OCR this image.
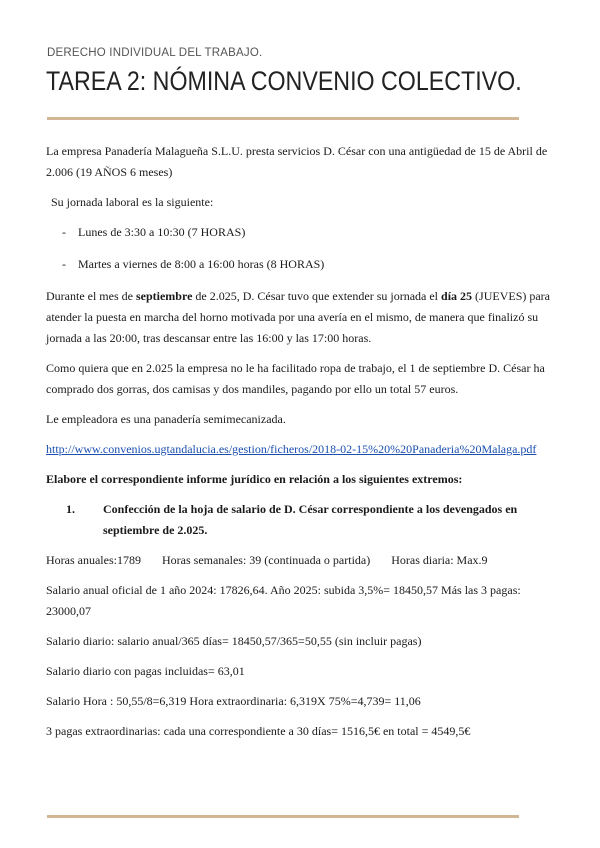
DERECHO INDIVIDUAL DEL TRABAJO.
TAREA 2: NÓMINA CONVENIO COLECTIVO.

La empresa Panadería Malagueña S.L.U. presta servicios D. César con una antigüedad de 15 de Abril de 2.006 (19 AÑOS 6 meses)

Su jornada laboral es la siguiente:

-	Lunes de 3:30 a 10:30 (7 HORAS)
-	Martes a viernes de 8:00 a 16:00 horas (8 HORAS)

Durante el mes de septiembre de 2.025, D. César tuvo que extender su jornada el día 25 (JUEVES) para atender la puesta en marcha del horno motivada por una avería en el mismo, de manera que finalizó su jornada a las 20:00, tras descansar entre las 16:00 y las 17:00 horas.

Como quiera que en 2.025 la empresa no le ha facilitado ropa de trabajo, el 1 de septiembre D. César ha comprado dos gorras, dos camisas y dos mandiles, pagando por ello un total 57 euros.

Le empleadora es una panadería semimecanizada.

http://www.convenios.ugtandalucia.es/gestion/ficheros/2018-02-15%20%20Panaderia%20Malaga.pdf

Elabore el correspondiente informe jurídico en relación a los siguientes extremos:

1.	Confección de la hoja de salario de D. César correspondiente a los devengados en septiembre de 2.025.

Horas anuales:1789 Horas semanales: 39 (continuada o partida) Horas diaria: Max.9

Salario anual oficial de 1 año 2024: 17826,64. Año 2025: subida 3,5%= 18450,57 Más las 3 pagas: 23000,07

Salario diario: salario anual/365 días= 18450,57/365=50,55 (sin incluir pagas)

Salario diario con pagas incluidas= 63,01

Salario Hora : 50,55/8=6,319 Hora extraordinaria: 6,319X 75%=4,739= 11,06

3 pagas extraordinarias: cada una correspondiente a 30 días= 1516,5€ en total = 4549,5€
